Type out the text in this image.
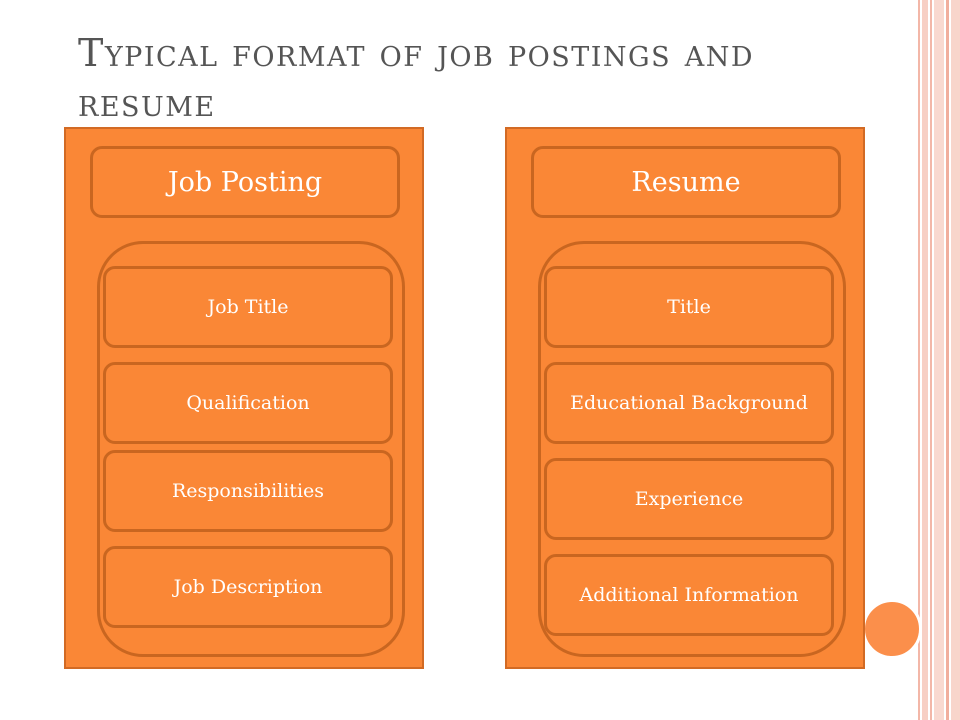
Typical format of job postings and resume
Job Posting
Job Title
Qualification
Responsibilities
Job Description
Resume
Title
Educational Background
Experience
Additional Information
